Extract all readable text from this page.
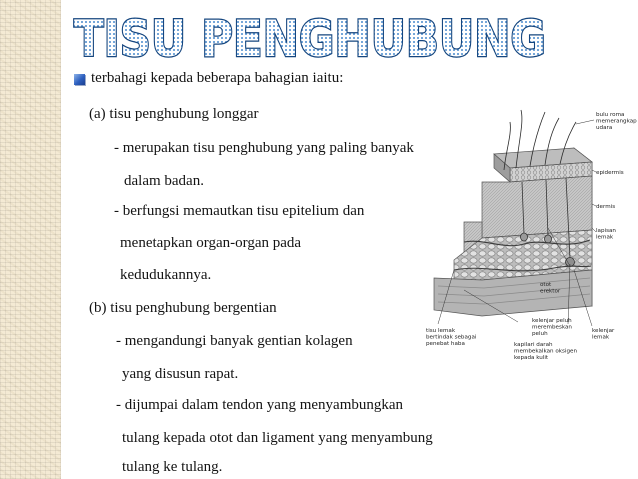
TISU PENGHUBUNG
terbahagi kepada beberapa bahagian iaitu:
(a) tisu penghubung longgar
- merupakan tisu penghubung yang paling banyak
dalam badan.
- berfungsi memautkan tisu epitelium dan
menetapkan organ-organ pada
kedudukannya.
(b) tisu penghubung bergentian
- mengandungi banyak gentian kolagen
yang disusun rapat.
- dijumpai dalam tendon yang menyambungkan
tulang kepada otot dan ligament yang menyambung
tulang ke tulang.
bulu roma memerangkap udara
epidermis
dermis
lapisan lemak
otot erektor
tisu lemak bertindak sebagai penebat haba
kelenjar peluh merembeskan peluh
kapilari darah membekalkan oksigen kepada kulit
kelenjar lemak
